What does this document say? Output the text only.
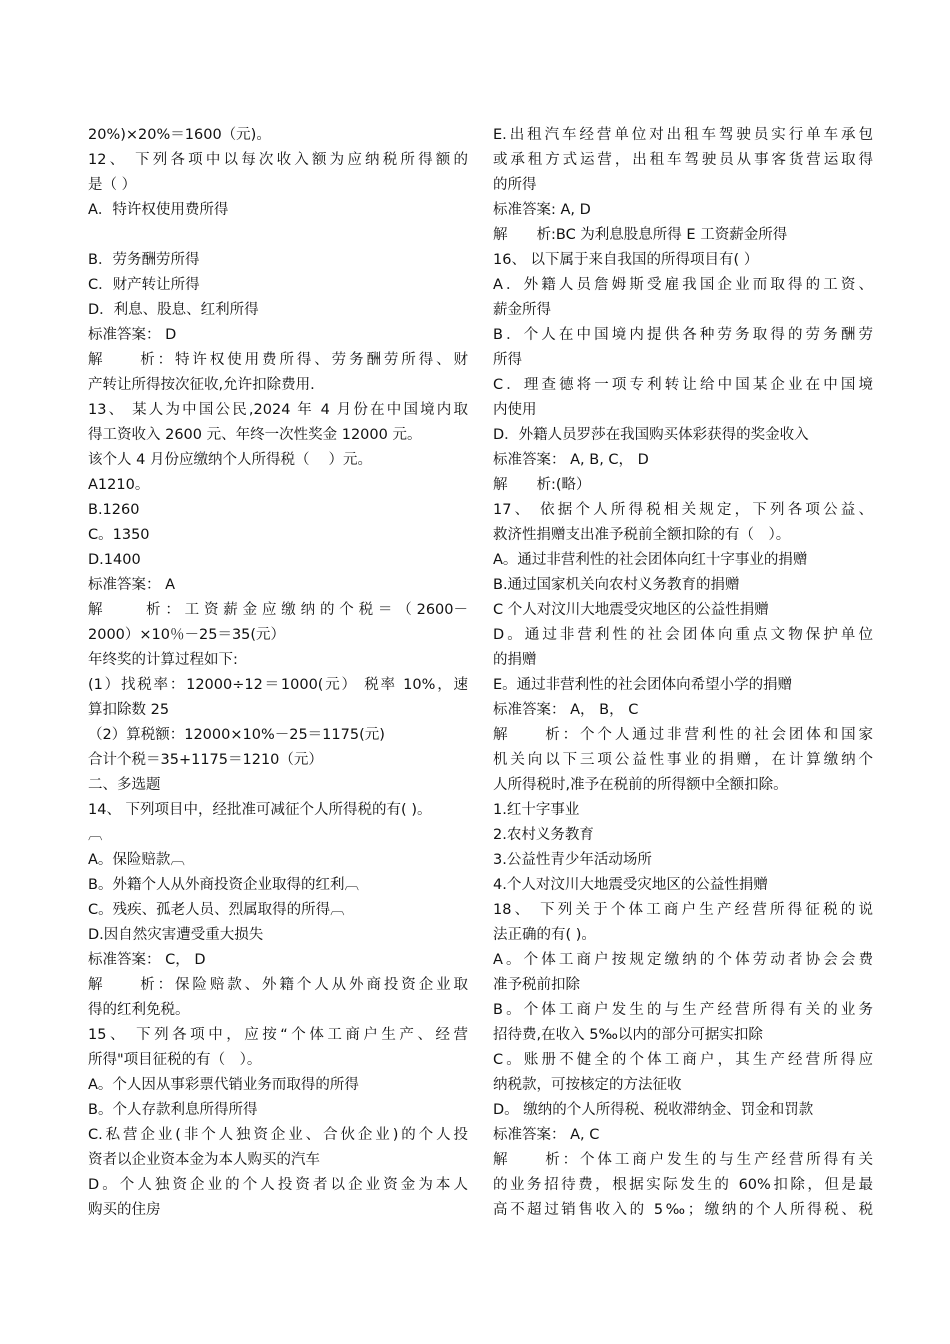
20%)×20%＝1600（元)。
12、 下列各项中以每次收入额为应纳税所得额的
是（ ）
A．特许权使用费所得
B．劳务酬劳所得
C．财产转让所得
D．利息、股息、红利所得
标准答案： D
解　　析：特许权使用费所得、劳务酬劳所得、财
产转让所得按次征收,允许扣除费用.
13、 某人为中国公民,2024 年 4 月份在中国境内取
得工资收入 2600 元、年终一次性奖金 12000 元。
该个人 4 月份应缴纳个人所得税（　 ）元。
A1210。
B.1260
C。1350
D.1400
标准答案： A
解　　析：工资薪金应缴纳的个税＝（2600－
2000）×10％－25＝35(元）
年终奖的计算过程如下:
(1）找税率：12000÷12＝1000(元） 税率 10%，速
算扣除数 25
（2）算税额：12000×10%－25＝1175(元)
合计个税＝35+1175＝1210（元）
二、多选题
14、 下列项目中，经批准可减征个人所得税的有( )。
︹
A。保险赔款︹
B。外籍个人从外商投资企业取得的红利︹
C。残疾、孤老人员、烈属取得的所得︹
D.因自然灾害遭受重大损失
标准答案： C， D
解　　析：保险赔款、外籍个人从外商投资企业取
得的红利免税。
15、 下列各项中，应按“个体工商户生产、经营
所得"项目征税的有（　）。
A。个人因从事彩票代销业务而取得的所得
B。个人存款利息所得所得
C.私营企业(非个人独资企业、合伙企业)的个人投
资者以企业资本金为本人购买的汽车
D。个人独资企业的个人投资者以企业资金为本人
购买的住房
E.出租汽车经营单位对出租车驾驶员实行单车承包
或承租方式运营，出租车驾驶员从事客货营运取得
的所得
标准答案: A, D
解　　析:BC 为利息股息所得 E 工资薪金所得
16、 以下属于来自我国的所得项目有( ）
A．外籍人员詹姆斯受雇我国企业而取得的工资、
薪金所得
B．个人在中国境内提供各种劳务取得的劳务酬劳
所得
C．理查德将一项专利转让给中国某企业在中国境
内使用
D．外籍人员罗莎在我国购买体彩获得的奖金收入
标准答案： A, B, C， D
解　　析:(略）
17、 依据个人所得税相关规定，下列各项公益、
救济性捐赠支出准予税前全额扣除的有（　）。
A。通过非营利性的社会团体向红十字事业的捐赠
B.通过国家机关向农村义务教育的捐赠
C 个人对汶川大地震受灾地区的公益性捐赠
D。通过非营利性的社会团体向重点文物保护单位
的捐赠
E。通过非营利性的社会团体向希望小学的捐赠
标准答案： A， B， C
解　　析：个个人通过非营利性的社会团体和国家
机关向以下三项公益性事业的捐赠，在计算缴纳个
人所得税时,准予在税前的所得额中全额扣除。
1.红十字事业
2.农村义务教育
3.公益性青少年活动场所
4.个人对汶川大地震受灾地区的公益性捐赠
18、 下列关于个体工商户生产经营所得征税的说
法正确的有( )。
A。个体工商户按规定缴纳的个体劳动者协会会费
准予税前扣除
B。个体工商户发生的与生产经营所得有关的业务
招待费,在收入 5‰以内的部分可据实扣除
C。账册不健全的个体工商户，其生产经营所得应
纳税款，可按核定的方法征收
D。 缴纳的个人所得税、税收滞纳金、罚金和罚款
标准答案： A, C
解　　析：个体工商户发生的与生产经营所得有关
的业务招待费，根据实际发生的 60%扣除，但是最
高不超过销售收入的 5‰；缴纳的个人所得税、税
